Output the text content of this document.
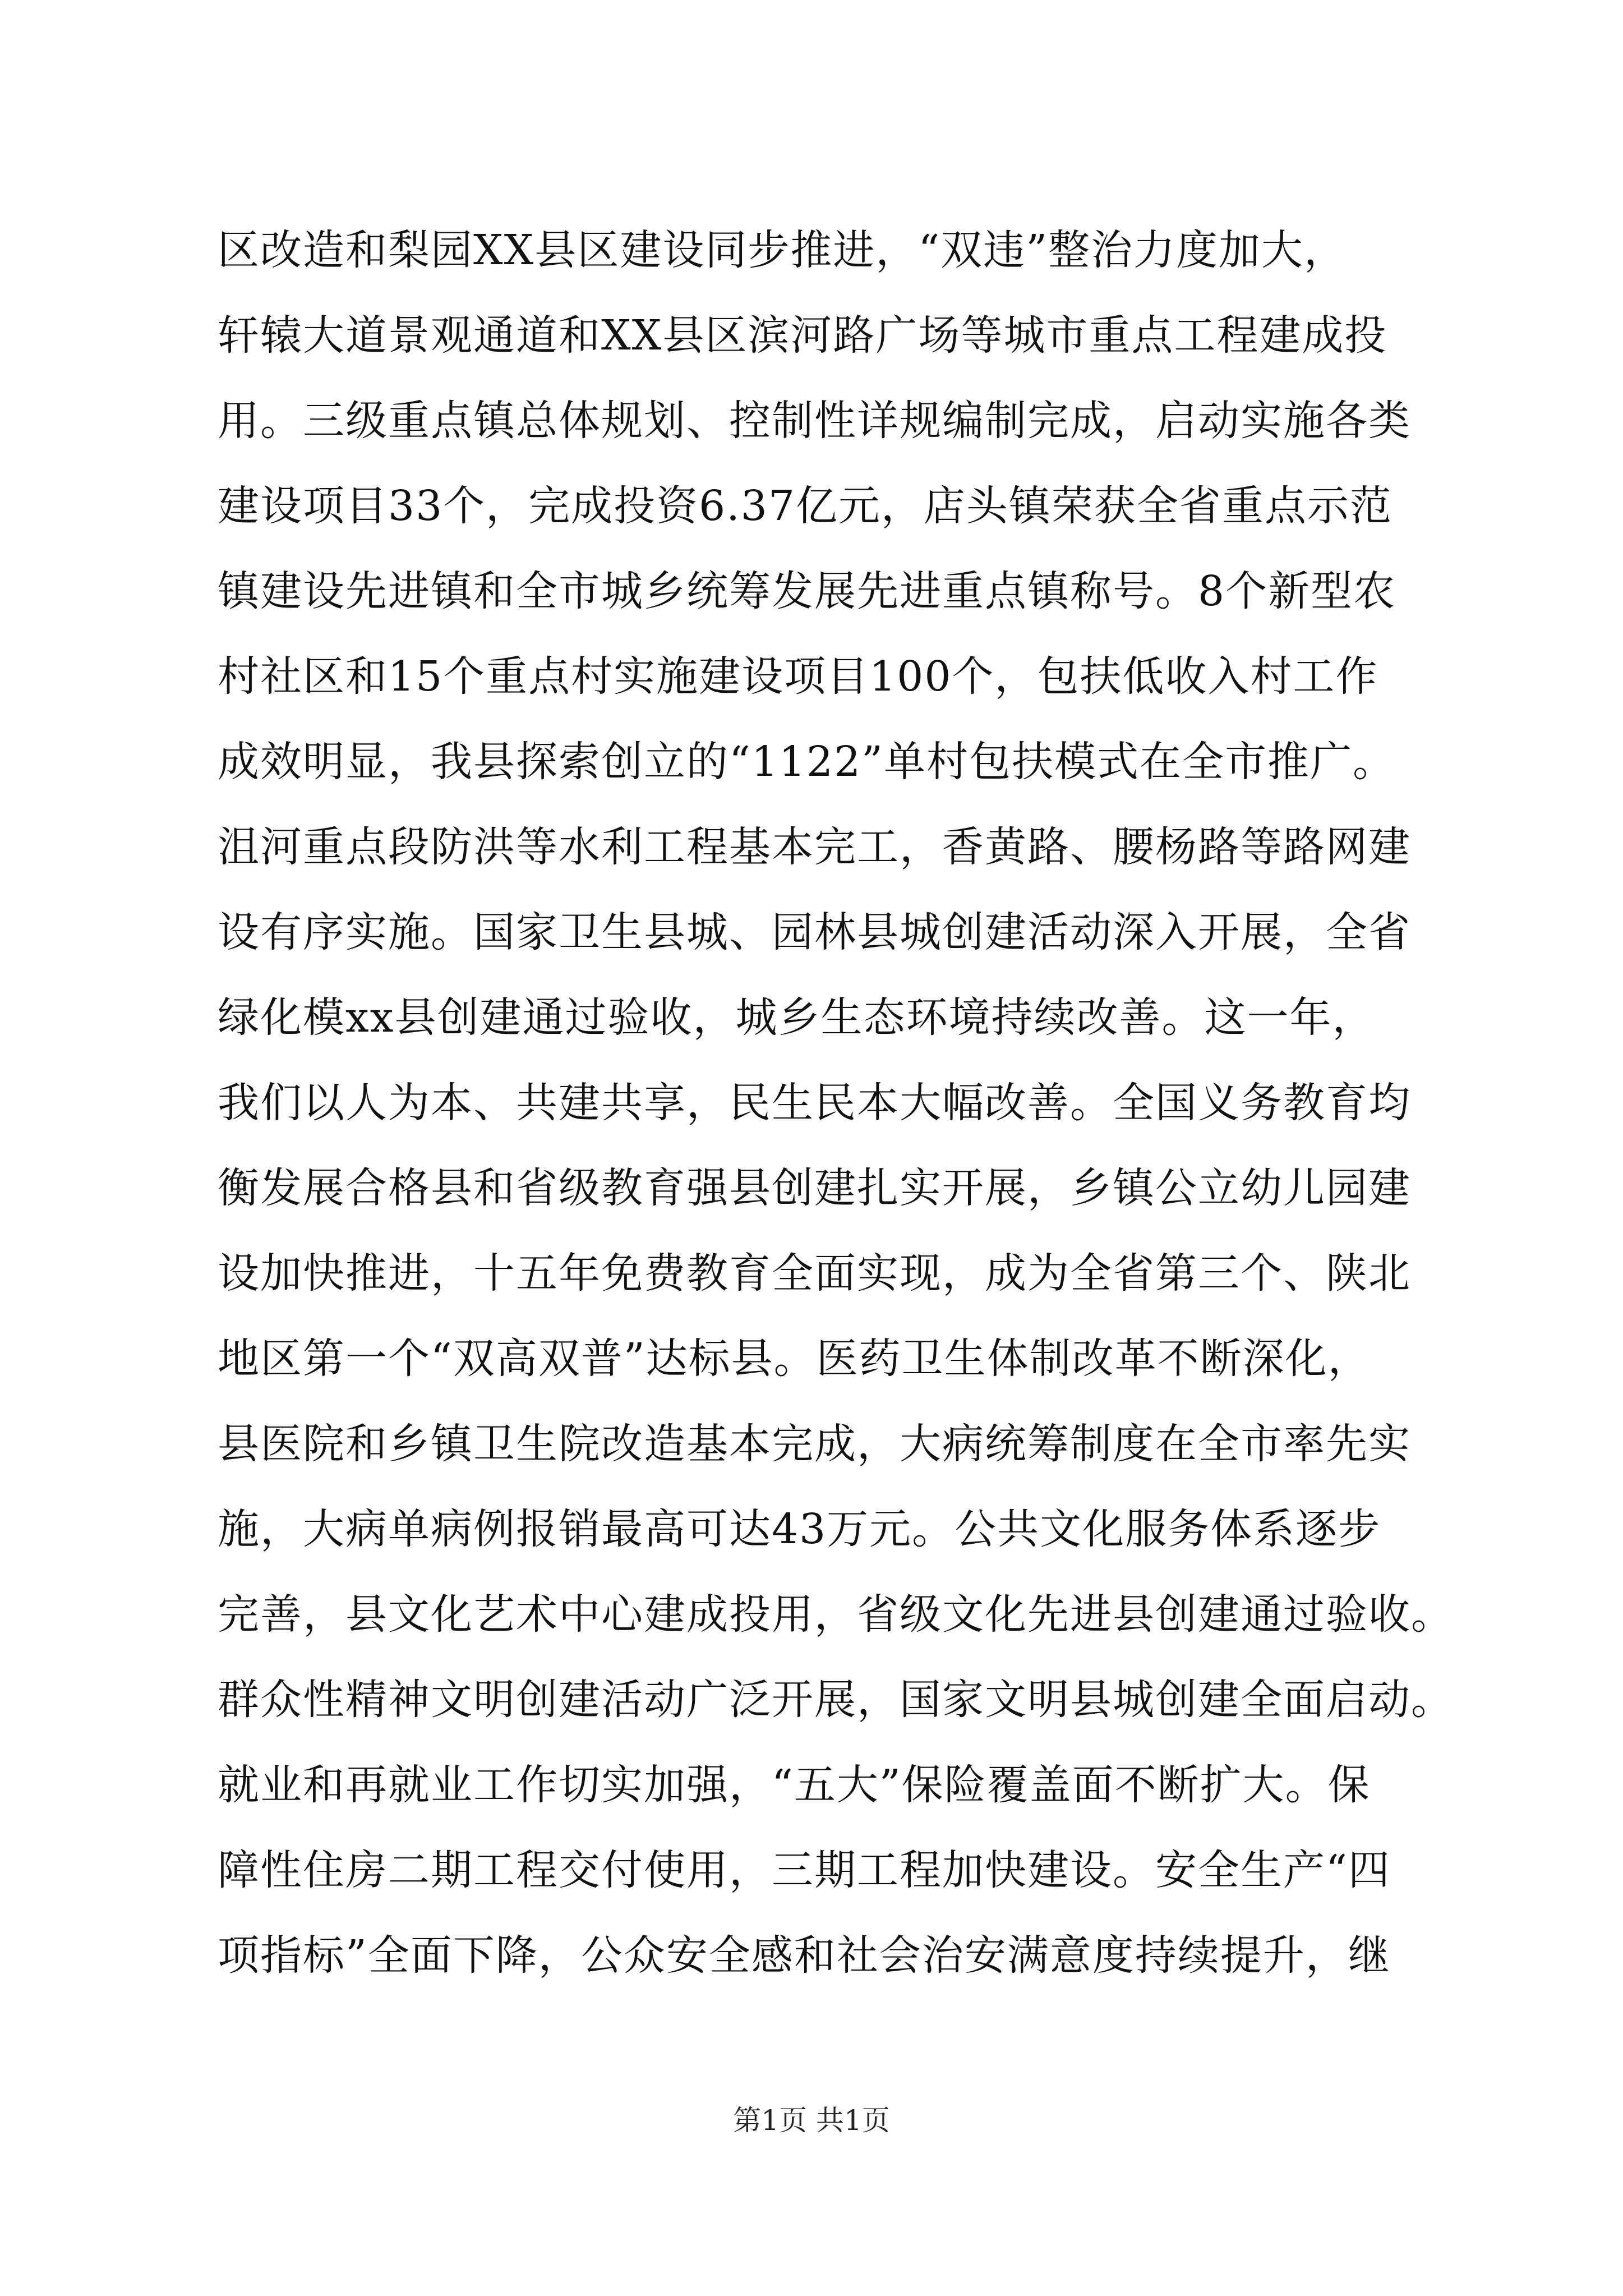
区改造和梨园XX县区建设同步推进，“双违”整治力度加大，
轩辕大道景观通道和XX县区滨河路广场等城市重点工程建成投
用。三级重点镇总体规划、控制性详规编制完成，启动实施各类
建设项目33个，完成投资6.37亿元，店头镇荣获全省重点示范
镇建设先进镇和全市城乡统筹发展先进重点镇称号。8个新型农
村社区和15个重点村实施建设项目100个，包扶低收入村工作
成效明显，我县探索创立的“1122”单村包扶模式在全市推广。
沮河重点段防洪等水利工程基本完工，香黄路、腰杨路等路网建
设有序实施。国家卫生县城、园林县城创建活动深入开展，全省
绿化模xx县创建通过验收，城乡生态环境持续改善。这一年，
我们以人为本、共建共享，民生民本大幅改善。全国义务教育均
衡发展合格县和省级教育强县创建扎实开展，乡镇公立幼儿园建
设加快推进，十五年免费教育全面实现，成为全省第三个、陕北
地区第一个“双高双普”达标县。医药卫生体制改革不断深化，
县医院和乡镇卫生院改造基本完成，大病统筹制度在全市率先实
施，大病单病例报销最高可达43万元。公共文化服务体系逐步
完善，县文化艺术中心建成投用，省级文化先进县创建通过验收。
群众性精神文明创建活动广泛开展，国家文明县城创建全面启动。
就业和再就业工作切实加强，“五大”保险覆盖面不断扩大。保
障性住房二期工程交付使用，三期工程加快建设。安全生产“四
项指标”全面下降，公众安全感和社会治安满意度持续提升，继
第1页 共1页
